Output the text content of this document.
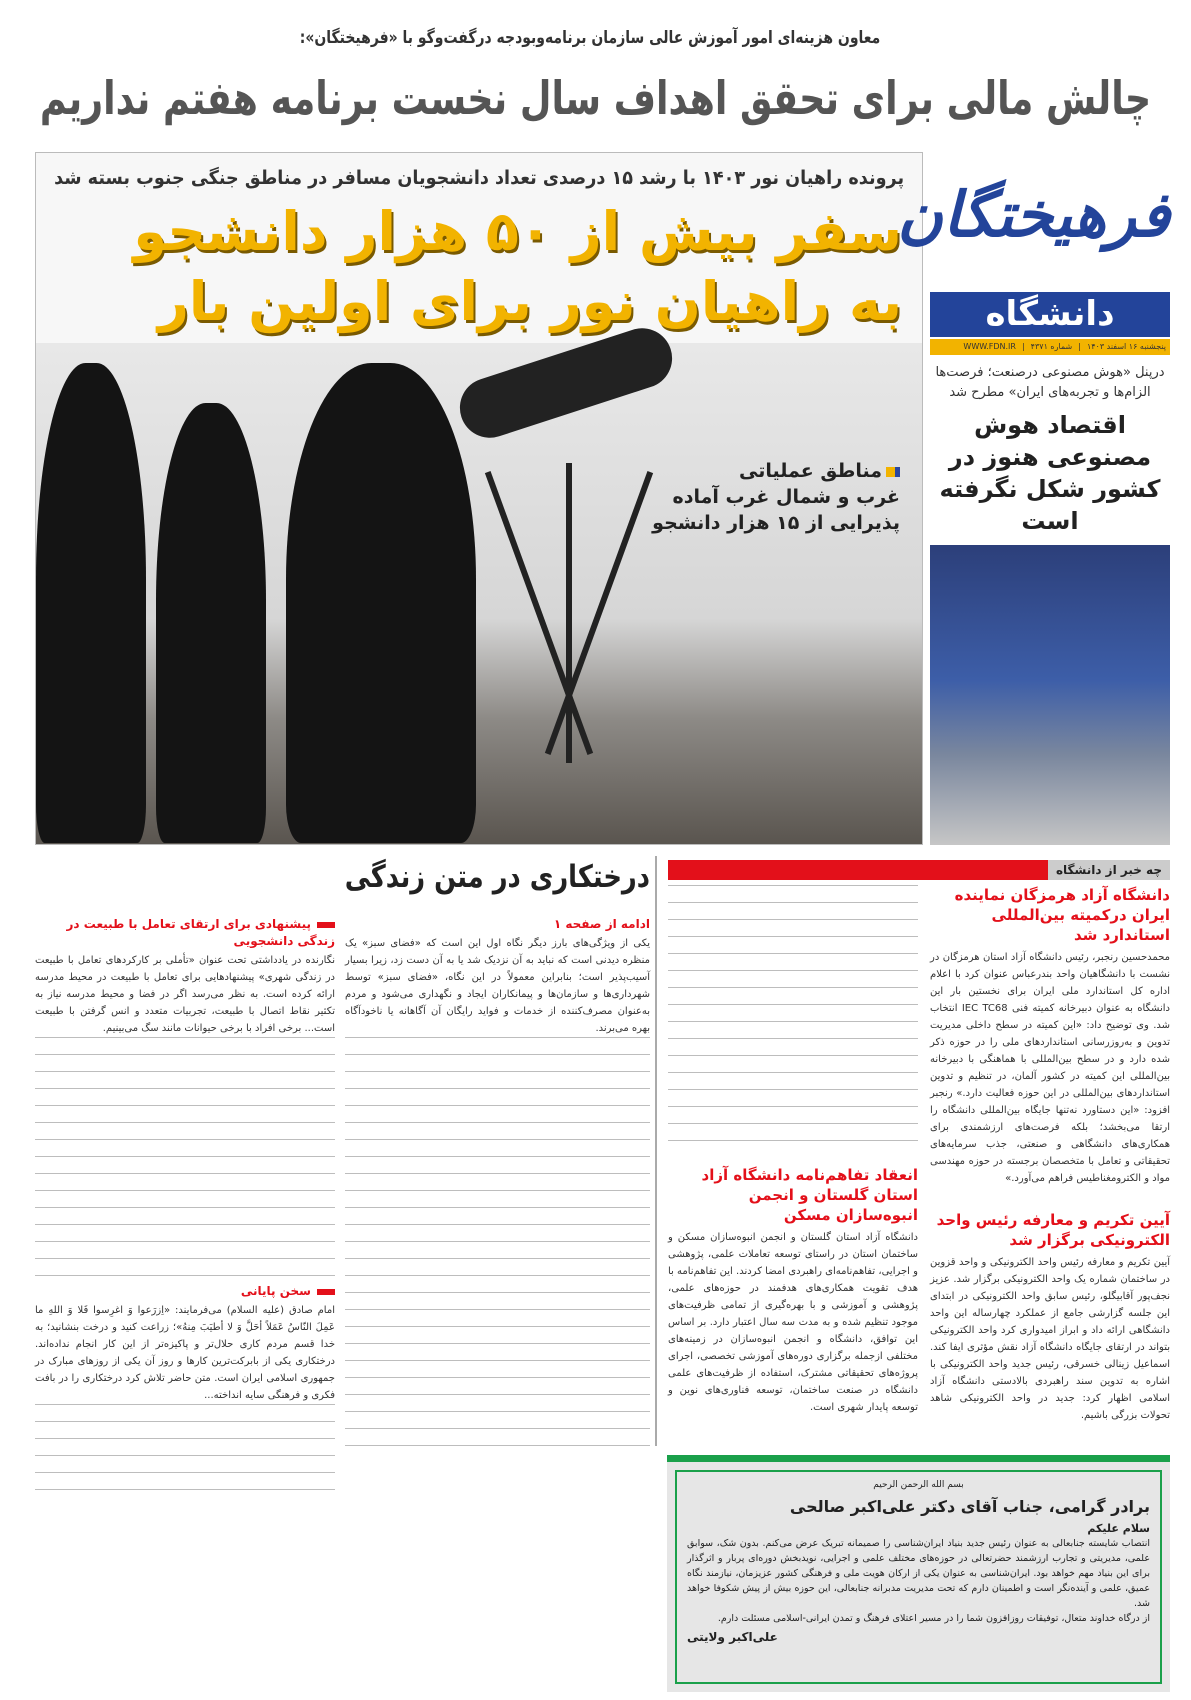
معاون هزینه‌ای امور آموزش عالی سازمان برنامه‌وبودجه درگفت‌وگو با «فرهیختگان»:
چالش مالی برای تحقق اهداف سال نخست برنامه هفتم نداریم
پرونده راهیان نور ۱۴۰۳ با رشد ۱۵ درصدی تعداد دانشجویان مسافر در مناطق جنگی جنوب بسته شد
سفر بیش از ۵۰ هزار دانشجو
به راهیان نور برای اولین بار
مناطق عملیاتی
غرب و شمال غرب آماده
پذیرایی از ۱۵ هزار دانشجو
فرهیختگان
دانشگاه
پنجشنبه ۱۶ اسفند ۱۴۰۳|شماره ۴۳۷۱|WWW.FDN.IR
درپنل «هوش مصنوعی درصنعت؛ فرصت‌ها الزام‌ها و تجربه‌های ایران» مطرح شد
اقتصاد هوش مصنوعی هنوز در کشور شکل نگرفته است
چه خبر از دانشگاه
دانشگاه آزاد هرمزگان نماینده ایران درکمیته بین‌المللی استاندارد شد
محمدحسین رنجبر، رئیس دانشگاه آزاد استان هرمزگان در نشست با دانشگاهیان واحد بندرعباس عنوان کرد با اعلام اداره کل استاندارد ملی ایران برای نخستین بار این دانشگاه به عنوان دبیرخانه کمیته فنی IEC TC68 انتخاب شد. وی توضیح داد: «این کمیته در سطح داخلی مدیریت تدوین و به‌روزرسانی استانداردهای ملی را در حوزه ذکر شده دارد و در سطح بین‌المللی با هماهنگی با دبیرخانه بین‌المللی این کمیته در کشور آلمان، در تنظیم و تدوین استانداردهای بین‌المللی در این حوزه فعالیت دارد.» رنجبر افزود: «این دستاورد نه‌تنها جایگاه بین‌المللی دانشگاه را ارتقا می‌بخشد؛ بلکه فرصت‌های ارزشمندی برای همکاری‌های دانشگاهی و صنعتی، جذب سرمایه‌های تحقیقاتی و تعامل با متخصصان برجسته در حوزه مهندسی مواد و الکترومغناطیس فراهم می‌آورد.»
آیین تکریم و معارفه رئیس واحد الکترونیکی برگزار شد
آیین تکریم و معارفه رئیس واحد الکترونیکی و واحد قزوین در ساختمان شماره یک واحد الکترونیکی برگزار شد. عزیز نجف‌پور آقابیگلو، رئیس سابق واحد الکترونیکی در ابتدای این جلسه گزارشی جامع از عملکرد چهارساله این واحد دانشگاهی ارائه داد و ابراز امیدواری کرد واحد الکترونیکی بتواند در ارتقای جایگاه دانشگاه آزاد نقش مؤثری ایفا کند. اسماعیل زینالی خسرقی، رئیس جدید واحد الکترونیکی با اشاره به تدوین سند راهبردی بالادستی دانشگاه آزاد اسلامی اظهار کرد: جدید در واحد الکترونیکی شاهد تحولات بزرگی باشیم.
انعقاد تفاهم‌نامه دانشگاه آزاد استان گلستان و انجمن انبوه‌سازان مسکن
دانشگاه آزاد استان گلستان و انجمن انبوه‌سازان مسکن و ساختمان استان در راستای توسعه تعاملات علمی، پژوهشی و اجرایی، تفاهم‌نامه‌ای راهبردی امضا کردند. این تفاهم‌نامه با هدف تقویت همکاری‌های هدفمند در حوزه‌های علمی، پژوهشی و آموزشی و با بهره‌گیری از تمامی ظرفیت‌های موجود تنظیم شده و به مدت سه سال اعتبار دارد. بر اساس این توافق، دانشگاه و انجمن انبوه‌سازان در زمینه‌های مختلفی ازجمله برگزاری دوره‌های آموزشی تخصصی، اجرای پروژه‌های تحقیقاتی مشترک، استفاده از ظرفیت‌های علمی دانشگاه در صنعت ساختمان، توسعه فناوری‌های نوین و توسعه پایدار شهری است.
درختکاری در متن زندگی
ادامه از صفحه ۱
یکی از ویژگی‌های بارز دیگر نگاه اول این است که «فضای سبز» یک منظره دیدنی است که نباید به آن نزدیک شد یا به آن دست زد، زیرا بسیار آسیب‌پذیر است؛ بنابراین معمولاً در این نگاه، «فضای سبز» توسط شهرداری‌ها و سازمان‌ها و پیمانکاران ایجاد و نگهداری می‌شود و مردم به‌عنوان مصرف‌کننده از خدمات و فواید رایگان آن آگاهانه یا ناخودآگاه بهره می‌برند.
پیشنهادی برای ارتقای تعامل با طبیعت در زندگی دانشجویی
نگارنده در یادداشتی تحت عنوان «تأملی بر کارکردهای تعامل با طبیعت در زندگی شهری» پیشنهادهایی برای تعامل با طبیعت در محیط مدرسه ارائه کرده است. به نظر می‌رسد اگر در فضا و محیط مدرسه نیاز به تکثیر نقاط اتصال با طبیعت، تجربیات متعدد و انس گرفتن با طبیعت است... برخی افراد با برخی حیوانات مانند سگ می‌بینیم.
سخن پایانی
امام صادق (علیه السلام) می‌فرمایند: «اِزرَعوا وَ اغرِسوا فَلا وَ اللهِ ما عَمِلَ النّاسُ عَمَلاً أحَلَّ وَ لا أطیَبَ مِنهُ»؛ زراعت کنید و درخت بنشانید؛ به خدا قسم مردم کاری حلال‌تر و پاکیزه‌تر از این کار انجام نداده‌اند. درختکاری یکی از بابرکت‌ترین کارها و روز آن یکی از روزهای مبارک در جمهوری اسلامی ایران است. متن حاضر تلاش کرد درختکاری را در بافت فکری و فرهنگی سایه انداخته...
بسم الله الرحمن الرحیم
برادر گرامی، جناب آقای دکتر علی‌اکبر صالحی
سلام علیکم
انتصاب شایسته جنابعالی به عنوان رئیس جدید بنیاد ایران‌شناسی را صمیمانه تبریک عرض می‌کنم. بدون شک، سوابق علمی، مدیریتی و تجارب ارزشمند حضرتعالی در حوزه‌های مختلف علمی و اجرایی، نویدبخش دوره‌ای پربار و اثرگذار برای این بنیاد مهم خواهد بود. ایران‌شناسی به عنوان یکی از ارکان هویت ملی و فرهنگی کشور عزیزمان، نیازمند نگاه عمیق، علمی و آینده‌نگر است و اطمینان دارم که تحت مدیریت مدبرانه جنابعالی، این حوزه بیش از پیش شکوفا خواهد شد.
از درگاه خداوند متعال، توفیقات روزافزون شما را در مسیر اعتلای فرهنگ و تمدن ایرانی-اسلامی مسئلت دارم.
علی‌اکبر ولایتی
